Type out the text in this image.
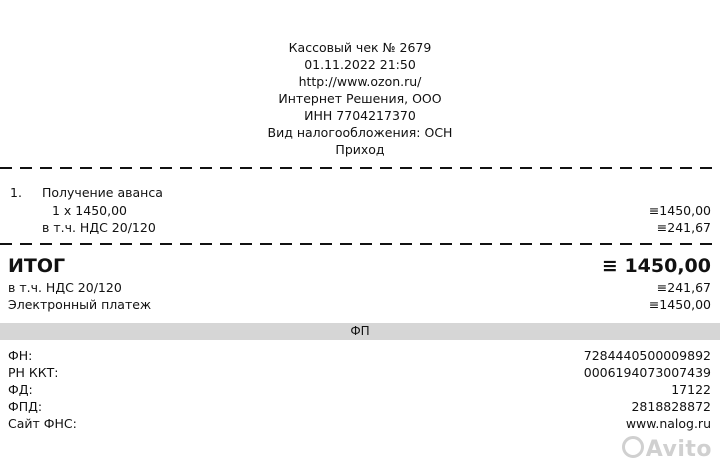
Кассовый чек № 2679
01.11.2022 21:50
http://www.ozon.ru/
Интернет Решения, ООО
ИНН 7704217370
Вид налогообложения: ОСН
Приход
1. Получение аванса
1 x 1450,00	≡1450,00
в т.ч. НДС 20/120	≡241,67
ИТОГ	≡ 1450,00
в т.ч. НДС 20/120	≡241,67
Электронный платеж	≡1450,00
ФП
ФН:	7284440500009892
РН ККТ:	0006194073007439
ФД:	17122
ФПД:	2818828872
Сайт ФНС:	www.nalog.ru
Avito
